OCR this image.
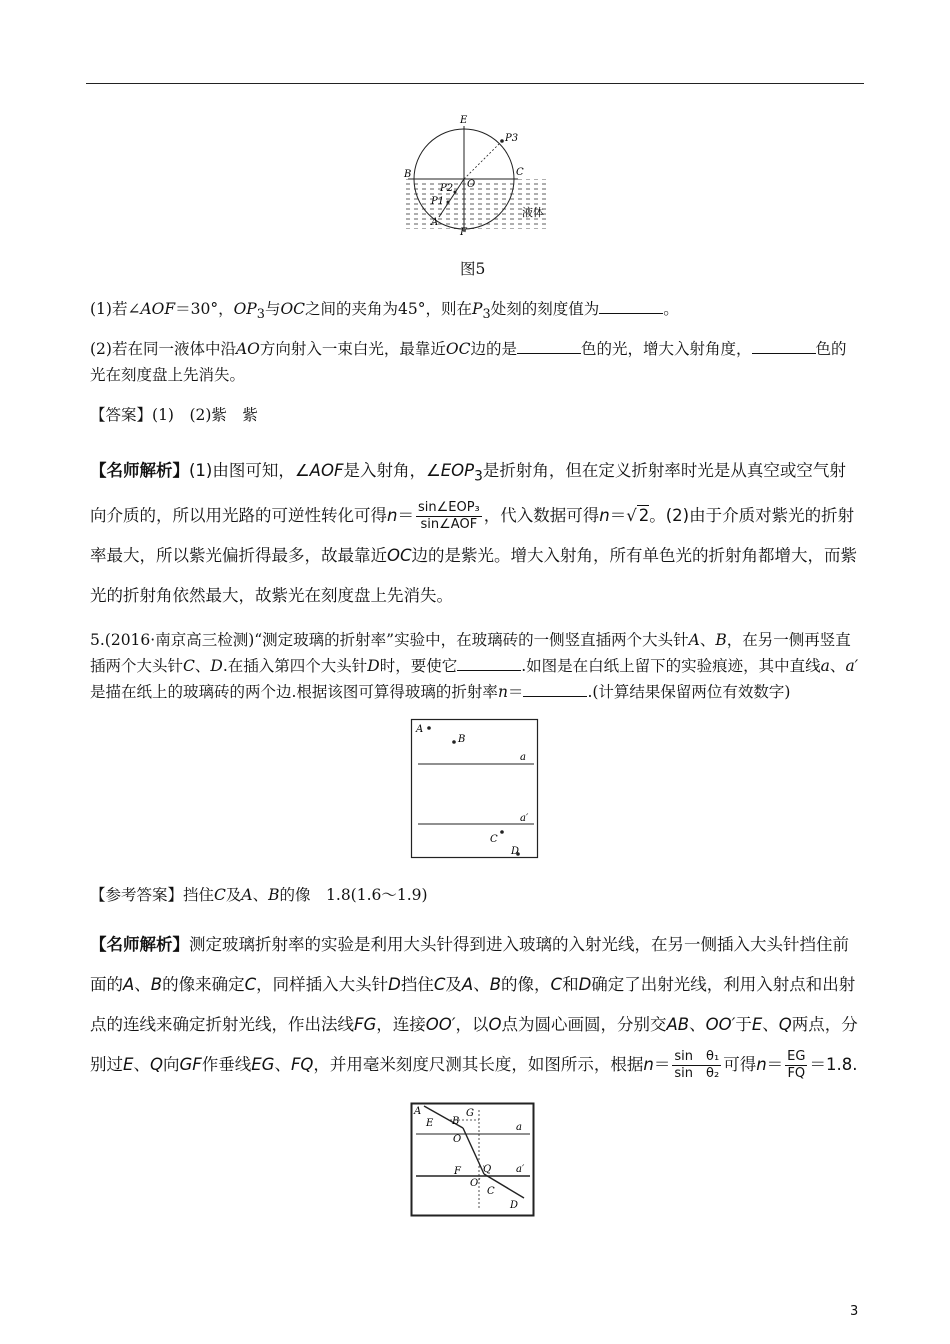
E
P3
B	C
O
P2
P1
A
F
液体
图5
(1)若∠AOF＝30°，$OP_3$与OC之间的夹角为45°，则在$P_3$处刻的刻度值为	。
(2)若在同一液体中沿AO方向射入一束白光，最靠近OC边的是	色的光，增大入射角度，	色的光在刻度盘上先消失。
【答案】(1)　(2)紫　紫
【名师解析】(1)由图可知，∠AOF是入射角，$\angle EOP_3$是折射角，但在定义折射率时光是从真空或空气射向介质的，所以用光路的可逆性转化可得$n= \frac{\text{sin∠EOP₃}}{\text{sin∠AOF}}$ ，代入数据可得n＝√ 2。(2)由于介质对紫光的折射率最大，所以紫光偏折得最多，故最靠近OC边的是紫光。增大入射角，所有单色光的折射角都增大，而紫光的折射角依然最大，故紫光在刻度盘上先消失。
5.(2016·南京高三检测)“测定玻璃的折射率”实验中，在玻璃砖的一侧竖直插两个大头针A、B，在另一侧再竖直插两个大头针C、D.在插入第四个大头针D时，要使它	.如图是在白纸上留下的实验痕迹，其中直线a、a′是描在纸上的玻璃砖的两个边.根据该图可算得玻璃的折射率n＝	.(计算结果保留两位有效数字)
A
B
a
a′
C
D
【参考答案】挡住C及A、B的像　1.8(1.6～1.9)
【名师解析】测定玻璃折射率的实验是利用大头针得到进入玻璃的入射光线，在另一侧插入大头针挡住前面的A、B的像来确定C，同样插入大头针D挡住C及A、B的像，C和D确定了出射光线，利用入射点和出射点的连线来确定折射光线，作出法线FG，连接OO′，以O点为圆心画圆，分别交AB、OO′于E、Q两点，分别过E、Q向GF作垂线EG、FQ，并用毫米刻度尺测其长度，如图所示，根据$n= \frac{\text{sin　θ₁}}{\text{sin　θ₂}}$ 可得$n= \frac{EG}{FQ} =1.8$.
A
E B
G
O
a
F Q a′
O′
C
D
3
